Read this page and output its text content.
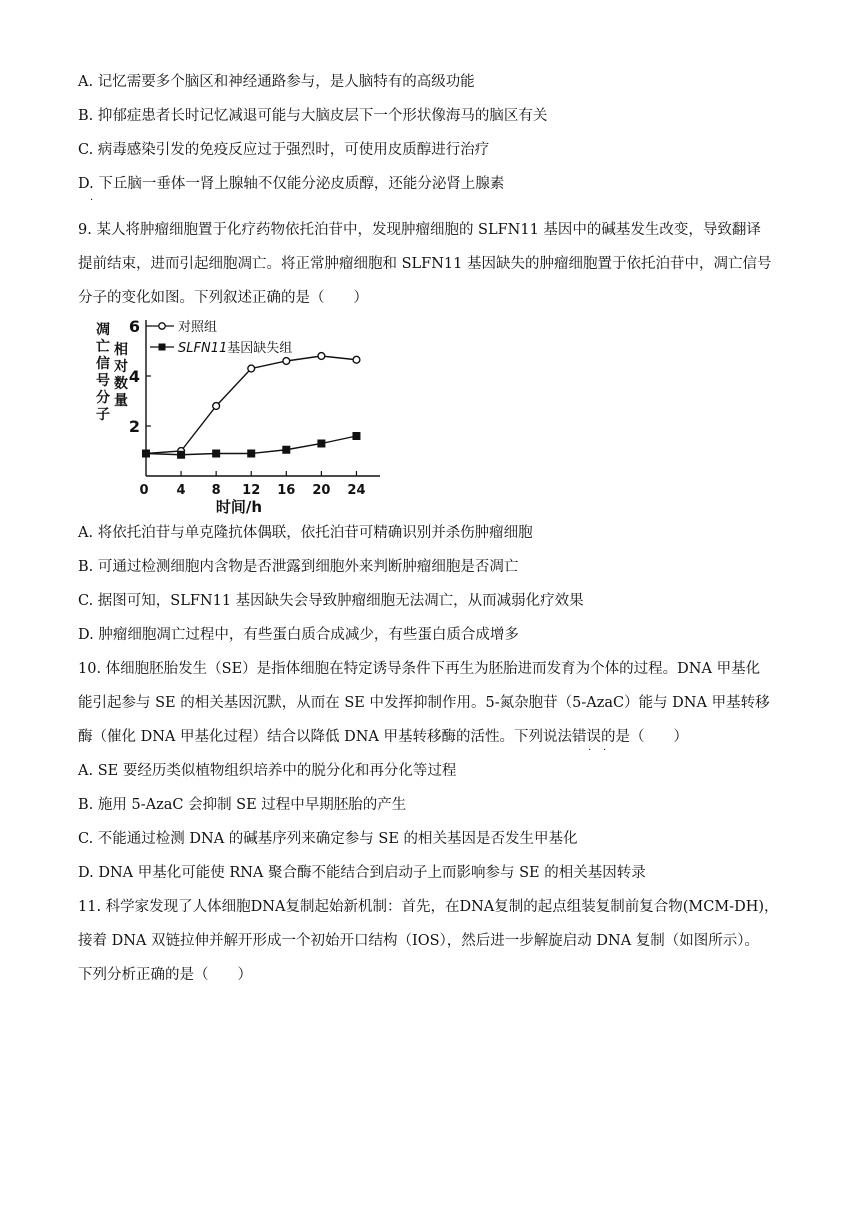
A. 记忆需要多个脑区和神经通路参与，是人脑特有的高级功能
B. 抑郁症患者长时记忆减退可能与大脑皮层下一个形状像海马的脑区有关
C. 病毒感染引发的免疫反应过于强烈时，可使用皮质醇进行治疗
D. 下丘脑一垂体一肾上腺轴不仅能分泌皮质醇，还能分泌肾上腺素
·
9. 某人将肿瘤细胞置于化疗药物依托泊苷中，发现肿瘤细胞的 SLFN11 基因中的碱基发生改变，导致翻译
提前结束，进而引起细胞凋亡。将正常肿瘤细胞和 SLFN11 基因缺失的肿瘤细胞置于依托泊苷中，凋亡信号
分子的变化如图。下列叙述正确的是（　　）
2
4
6
0 4 8 12 16 20 24
对照组
SLFN11基因缺失组
凋亡信号分子相对数量
时间/h
A. 将依托泊苷与单克隆抗体偶联，依托泊苷可精确识别并杀伤肿瘤细胞
B. 可通过检测细胞内含物是否泄露到细胞外来判断肿瘤细胞是否凋亡
C. 据图可知，SLFN11 基因缺失会导致肿瘤细胞无法凋亡，从而减弱化疗效果
D. 肿瘤细胞凋亡过程中，有些蛋白质合成减少，有些蛋白质合成增多
10. 体细胞胚胎发生（SE）是指体细胞在特定诱导条件下再生为胚胎进而发育为个体的过程。DNA 甲基化
能引起参与 SE 的相关基因沉默，从而在 SE 中发挥抑制作用。5-氮杂胞苷（5-AzaC）能与 DNA 甲基转移
酶（催化 DNA 甲基化过程）结合以降低 DNA 甲基转移酶的活性。下列说法错误的是（　　）
· ·
A. SE 要经历类似植物组织培养中的脱分化和再分化等过程
B. 施用 5-AzaC 会抑制 SE 过程中早期胚胎的产生
C. 不能通过检测 DNA 的碱基序列来确定参与 SE 的相关基因是否发生甲基化
D. DNA 甲基化可能使 RNA 聚合酶不能结合到启动子上而影响参与 SE 的相关基因转录
11. 科学家发现了人体细胞DNA复制起始新机制：首先，在DNA复制的起点组装复制前复合物(MCM-DH)，
接着 DNA 双链拉伸并解开形成一个初始开口结构（IOS），然后进一步解旋启动 DNA 复制（如图所示）。
下列分析正确的是（　　）
